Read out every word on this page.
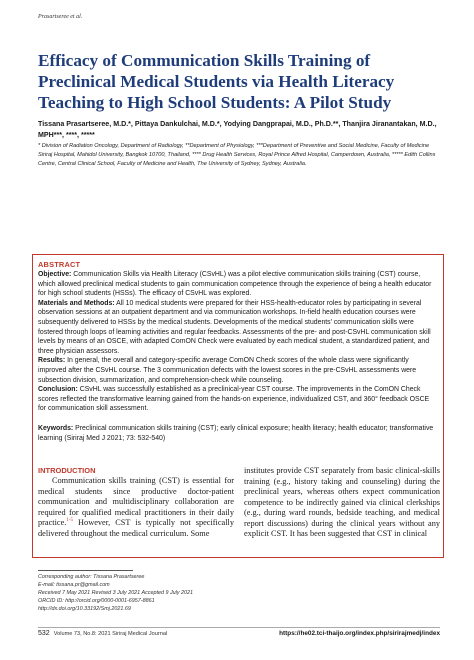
Prasartseree et al.
Efficacy of Communication Skills Training of Preclinical Medical Students via Health Literacy Teaching to High School Students: A Pilot Study
Tissana Prasartseree, M.D.*, Pittaya Dankulchai, M.D.*, Yodying Dangprapai, M.D., Ph.D.**, Thanjira Jiranantakan, M.D., MPH***, ****, *****
* Division of Radiation Oncology, Department of Radiology, **Department of Physiology, ***Department of Preventive and Social Medicine, Faculty of Medicine Siriraj Hospital, Mahidol University, Bangkok 10700, Thailand, **** Drug Health Services, Royal Prince Alfred Hospital, Camperdown, Australia, ***** Edith Collins Centre, Central Clinical School, Faculty of Medicine and Health, The University of Sydney, Sydney, Australia.
ABSTRACT

Objective: Communication Skills via Health Literacy (CSvHL) was a pilot elective communication skills training (CST) course, which allowed preclinical medical students to gain communication competence through the experience of being a health educator for high school students (HSSs). The efficacy of CSvHL was explored.

Materials and Methods: All 10 medical students were prepared for their HSS-health-educator roles by participating in several observation sessions at an outpatient department and via communication workshops. In-field health education courses were subsequently delivered to HSSs by the medical students. Developments of the medical students' communication skills were fostered through loops of learning activities and regular feedbacks. Assessments of the pre- and post-CSvHL communication skill levels by means of an OSCE, with adapted ComON Check were evaluated by each medical student, a standardized patient, and three physician assessors.

Results: In general, the overall and category-specific average ComON Check scores of the whole class were significantly improved after the CSvHL course. The 3 communication defects with the lowest scores in the pre-CSvHL assessments were subsection division, summarization, and comprehension-check while counseling.

Conclusion: CSvHL was successfully established as a preclinical-year CST course. The improvements in the ComON Check scores reflected the transformative learning gained from the hands-on experience, individualized CST, and 360° feedback OSCE for communication skill assessment.

Keywords: Preclinical communication skills training (CST); early clinical exposure; health literacy; health educator; transformative learning (Siriraj Med J 2021; 73: 532-540)

INTRODUCTION
Communication skills training (CST) is essential for medical students since productive doctor-patient communication and multidisciplinary collaboration are required for qualified medical practitioners in their daily practice.$^{1-5}$ However, CST is typically not specifically delivered throughout the medical curriculum. Some
institutes provide CST separately from basic clinical-skills training (e.g., history taking and counseling) during the preclinical years, whereas others expect communication competence to be indirectly gained via clinical clerkships (e.g., during ward rounds, bedside teaching, and medical report discussions) during the clinical years without any explicit CST. It has been suggested that CST in clinical
Corresponding author: Tissana Prasartseree
E-mail: tissana.pr@gmail.com
Received 7 May 2021 Revised 3 July 2021 Accepted 9 July 2021
ORCID ID: http://orcid.org/0000-0001-6957-8861
http://dx.doi.org/10.33192/Smj.2021.69
532 Volume 73, No.8: 2021 Siriraj Medical Journal	https://he02.tci-thaijo.org/index.php/sirirajmedj/index
